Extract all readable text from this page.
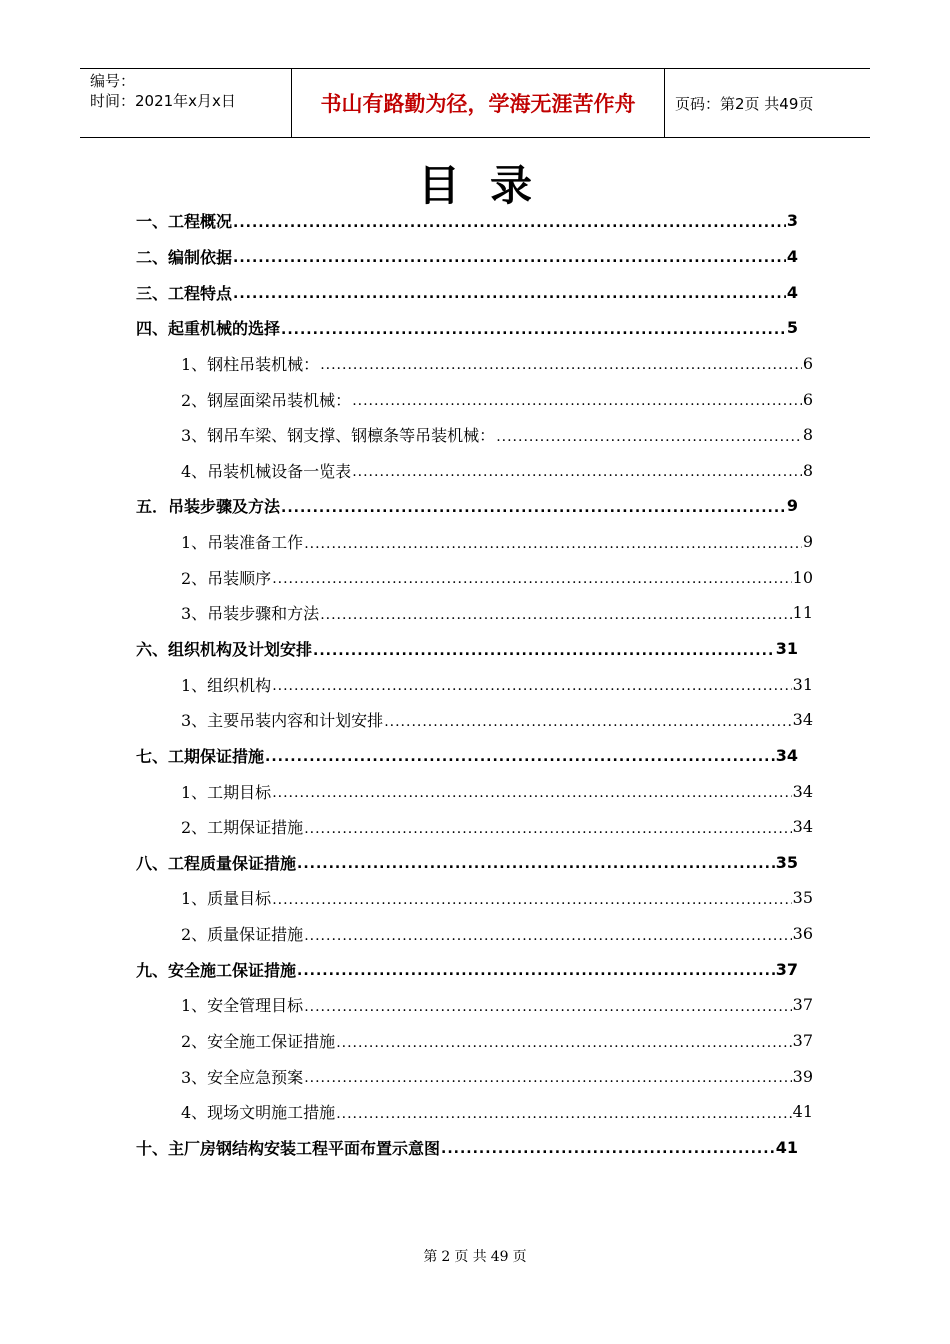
编号：
时间：2021年x月x日	书山有路勤为径，学海无涯苦作舟	页码：第2页 共49页
目录
一、工程概况 .....	3
二、编制依据 .....	4
三、工程特点 .....	4
四、起重机械的选择 .....	5
1、钢柱吊装机械： .....	6
2、钢屋面梁吊装机械： .....	6
3、钢吊车梁、钢支撑、钢檩条等吊装机械： .....	8
4、吊装机械设备一览表 .....	8
五．吊装步骤及方法 .....	9
1、吊装准备工作 .....	9
2、吊装顺序 .....	10
3、吊装步骤和方法 .....	11
六、组织机构及计划安排 .....	31
1、组织机构 .....	31
3、主要吊装内容和计划安排 .....	34
七、工期保证措施 .....	34
1、工期目标 .....	34
2、工期保证措施 .....	34
八、工程质量保证措施 .....	35
1、质量目标 .....	35
2、质量保证措施 .....	36
九、安全施工保证措施 .....	37
1、安全管理目标 .....	37
2、安全施工保证措施 .....	37
3、安全应急预案 .....	39
4、现场文明施工措施 .....	41
十、主厂房钢结构安装工程平面布置示意图 .....	41
第 2 页 共 49 页
